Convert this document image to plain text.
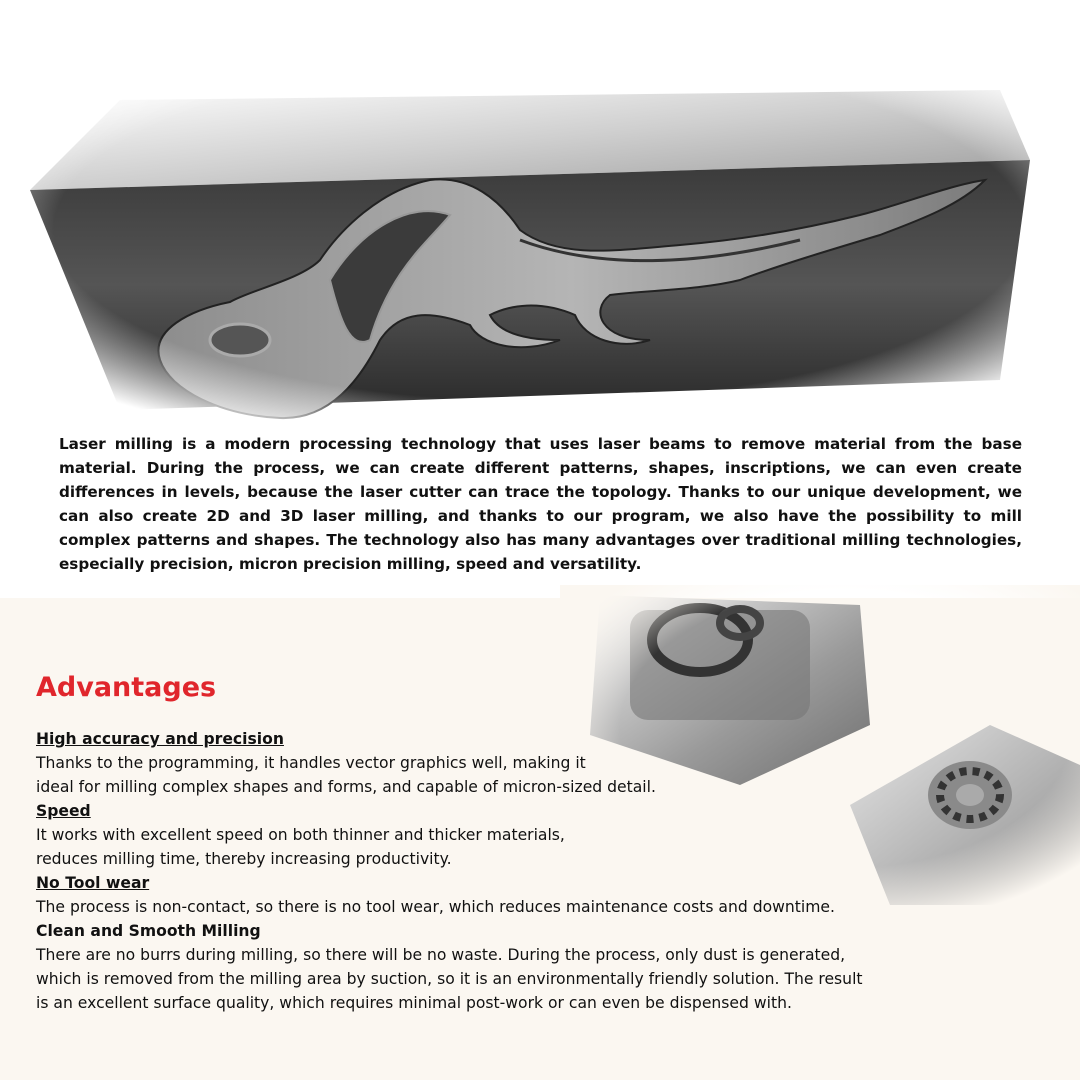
Laser milling is a modern processing technology that uses laser beams to remove material from the base material. During the process, we can create different patterns, shapes, inscriptions, we can even create differences in levels, because the laser cutter can trace the topology. Thanks to our unique development, we can also create 2D and 3D laser milling, and thanks to our program, we also have the possibility to mill complex patterns and shapes. The technology also has many advantages over traditional milling technologies, especially precision, micron precision milling, speed and versatility.

Advantages
High accuracy and precision
Thanks to the programming, it handles vector graphics well, making it
ideal for milling complex shapes and forms, and capable of micron-sized detail.
Speed
It works with excellent speed on both thinner and thicker materials,
reduces milling time, thereby increasing productivity.
No Tool wear
The process is non-contact, so there is no tool wear, which reduces maintenance costs and downtime.
Clean and Smooth Milling
There are no burrs during milling, so there will be no waste. During the process, only dust is generated,
which is removed from the milling area by suction, so it is an environmentally friendly solution. The result
is an excellent surface quality, which requires minimal post-work or can even be dispensed with.
